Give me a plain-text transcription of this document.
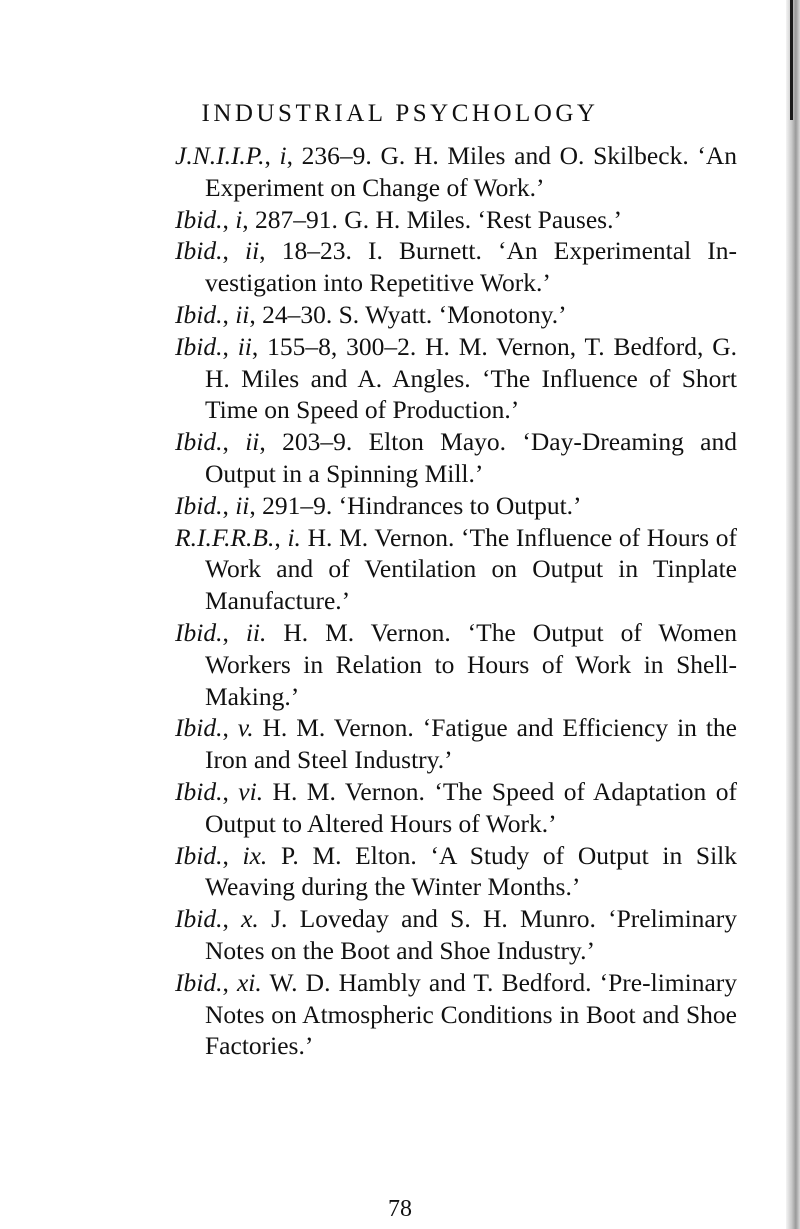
INDUSTRIAL PSYCHOLOGY

J.N.I.I.P., i, 236–9. G. H. Miles and O. Skilbeck. ‘An Experiment on Change of Work.’

Ibid., i, 287–91. G. H. Miles. ‘Rest Pauses.’

Ibid., ii, 18–23. I. Burnett. ‘An Experimental In-vestigation into Repetitive Work.’

Ibid., ii, 24–30. S. Wyatt. ‘Monotony.’

Ibid., ii, 155–8, 300–2. H. M. Vernon, T. Bedford, G. H. Miles and A. Angles. ‘The Influence of Short Time on Speed of Production.’

Ibid., ii, 203–9. Elton Mayo. ‘Day-Dreaming and Output in a Spinning Mill.’

Ibid., ii, 291–9. ‘Hindrances to Output.’

R.I.F.R.B., i. H. M. Vernon. ‘The Influence of Hours of Work and of Ventilation on Output in Tinplate Manufacture.’

Ibid., ii. H. M. Vernon. ‘The Output of Women Workers in Relation to Hours of Work in Shell-Making.’

Ibid., v. H. M. Vernon. ‘Fatigue and Efficiency in the Iron and Steel Industry.’

Ibid., vi. H. M. Vernon. ‘The Speed of Adaptation of Output to Altered Hours of Work.’

Ibid., ix. P. M. Elton. ‘A Study of Output in Silk Weaving during the Winter Months.’

Ibid., x. J. Loveday and S. H. Munro. ‘Preliminary Notes on the Boot and Shoe Industry.’

Ibid., xi. W. D. Hambly and T. Bedford. ‘Pre-liminary Notes on Atmospheric Conditions in Boot and Shoe Factories.’

78
